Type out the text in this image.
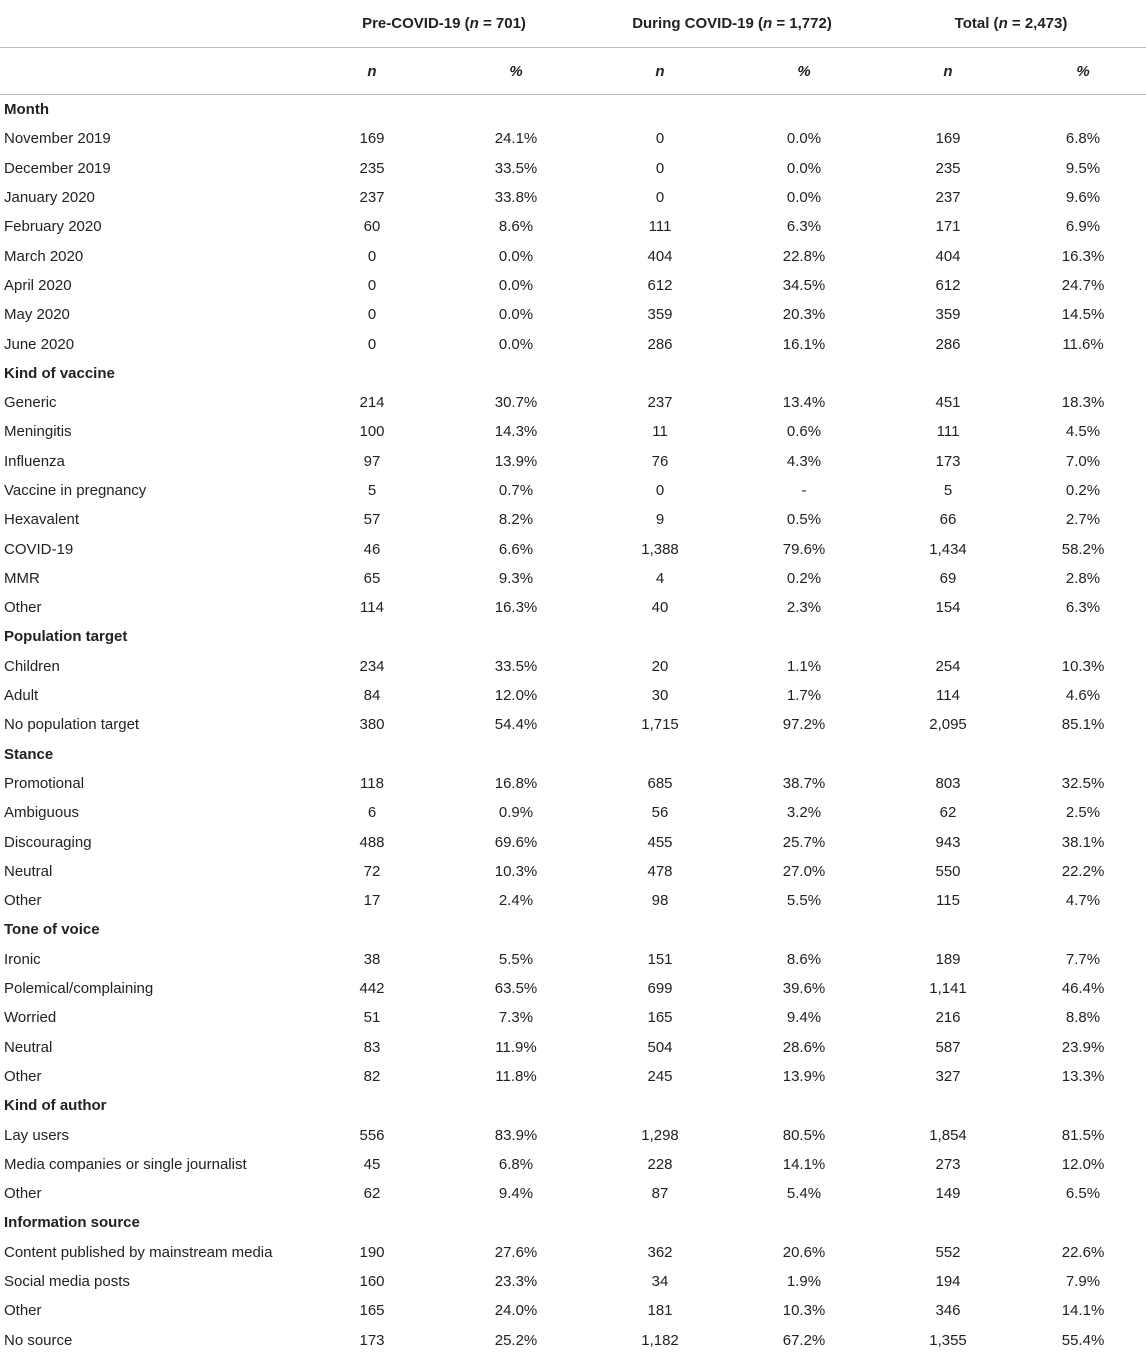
	Pre-COVID-19 (n = 701)		During COVID-19 (n = 1,772)		Total (n = 2,473)	
	n	%	n	%	n	%
Month						
November 2019	169	24.1%	0	0.0%	169	6.8%
December 2019	235	33.5%	0	0.0%	235	9.5%
January 2020	237	33.8%	0	0.0%	237	9.6%
February 2020	60	8.6%	111	6.3%	171	6.9%
March 2020	0	0.0%	404	22.8%	404	16.3%
April 2020	0	0.0%	612	34.5%	612	24.7%
May 2020	0	0.0%	359	20.3%	359	14.5%
June 2020	0	0.0%	286	16.1%	286	11.6%
Kind of vaccine						
Generic	214	30.7%	237	13.4%	451	18.3%
Meningitis	100	14.3%	11	0.6%	111	4.5%
Influenza	97	13.9%	76	4.3%	173	7.0%
Vaccine in pregnancy	5	0.7%	0	-	5	0.2%
Hexavalent	57	8.2%	9	0.5%	66	2.7%
COVID-19	46	6.6%	1,388	79.6%	1,434	58.2%
MMR	65	9.3%	4	0.2%	69	2.8%
Other	114	16.3%	40	2.3%	154	6.3%
Population target						
Children	234	33.5%	20	1.1%	254	10.3%
Adult	84	12.0%	30	1.7%	114	4.6%
No population target	380	54.4%	1,715	97.2%	2,095	85.1%
Stance						
Promotional	118	16.8%	685	38.7%	803	32.5%
Ambiguous	6	0.9%	56	3.2%	62	2.5%
Discouraging	488	69.6%	455	25.7%	943	38.1%
Neutral	72	10.3%	478	27.0%	550	22.2%
Other	17	2.4%	98	5.5%	115	4.7%
Tone of voice						
Ironic	38	5.5%	151	8.6%	189	7.7%
Polemical/complaining	442	63.5%	699	39.6%	1,141	46.4%
Worried	51	7.3%	165	9.4%	216	8.8%
Neutral	83	11.9%	504	28.6%	587	23.9%
Other	82	11.8%	245	13.9%	327	13.3%
Kind of author						
Lay users	556	83.9%	1,298	80.5%	1,854	81.5%
Media companies or single journalist	45	6.8%	228	14.1%	273	12.0%
Other	62	9.4%	87	5.4%	149	6.5%
Information source						
Content published by mainstream media	190	27.6%	362	20.6%	552	22.6%
Social media posts	160	23.3%	34	1.9%	194	7.9%
Other	165	24.0%	181	10.3%	346	14.1%
No source	173	25.2%	1,182	67.2%	1,355	55.4%
